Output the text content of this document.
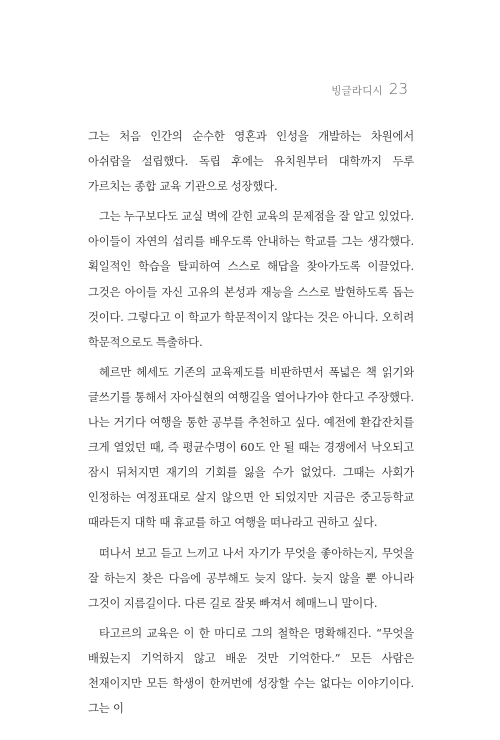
빙글라디시 23

그는 처음 인간의 순수한 영혼과 인성을 개발하는 차원에서 아쉬람을 설립했다. 독립 후에는 유치원부터 대학까지 두루 가르치는 종합 교육 기관으로 성장했다.

그는 누구보다도 교실 벽에 갇힌 교육의 문제점을 잘 알고 있었다. 아이들이 자연의 섭리를 배우도록 안내하는 학교를 그는 생각했다. 획일적인 학습을 탈피하여 스스로 해답을 찾아가도록 이끌었다. 그것은 아이들 자신 고유의 본성과 재능을 스스로 발현하도록 돕는 것이다. 그렇다고 이 학교가 학문적이지 않다는 것은 아니다. 오히려 학문적으로도 특출하다.

헤르만 헤세도 기존의 교육제도를 비판하면서 폭넓은 책 읽기와 글쓰기를 통해서 자아실현의 여행길을 열어나가야 한다고 주장했다. 나는 거기다 여행을 통한 공부를 추천하고 싶다. 예전에 환갑잔치를 크게 열었던 때, 즉 평균수명이 60도 안 될 때는 경쟁에서 낙오되고 잠시 뒤처지면 재기의 기회를 잃을 수가 없었다. 그때는 사회가 인정하는 여정표대로 살지 않으면 안 되었지만 지금은 중고등학교 때라든지 대학 때 휴교를 하고 여행을 떠나라고 권하고 싶다.

떠나서 보고 듣고 느끼고 나서 자기가 무엇을 좋아하는지, 무엇을 잘 하는지 찾은 다음에 공부해도 늦지 않다. 늦지 않을 뿐 아니라 그것이 지름길이다. 다른 길로 잘못 빠져서 헤매느니 말이다.

타고르의 교육은 이 한 마디로 그의 철학은 명확해진다. “무엇을 배웠는지 기억하지 않고 배운 것만 기억한다.” 모든 사람은 천재이지만 모든 학생이 한꺼번에 성장할 수는 없다는 이야기이다. 그는 이
